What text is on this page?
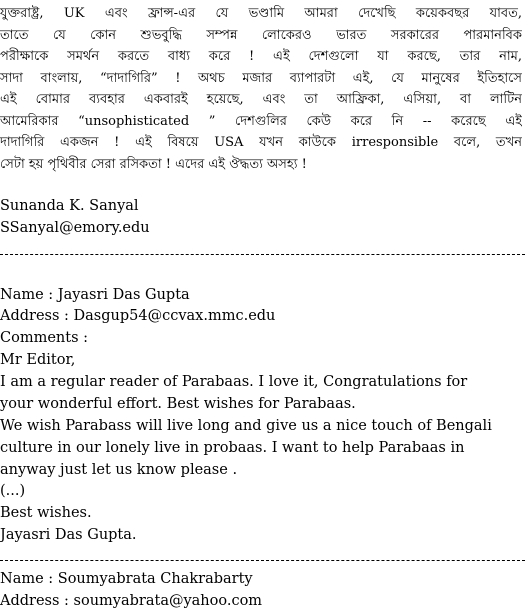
যুক্তরাষ্ট্র, UK এবং ফ্রান্স-এর যে ভণ্ডামি আমরা দেখেছি কয়েকবছর যাবত,
তাতে যে কোন শুভবুদ্ধি সম্পন্ন লোকেরও ভারত সরকারের পারমানবিক
পরীক্ষাকে সমর্থন করতে বাধ্য করে ! এই দেশগুলো যা করছে, তার নাম,
সাদা বাংলায়, “দাদাগিরি” ! অথচ মজার ব্যাপারটা এই, যে মানুষের ইতিহাসে
এই বোমার ব্যবহার একবারই হয়েছে, এবং তা আফ্রিকা, এসিয়া, বা লাটিন
আমেরিকার “unsophisticated ” দেশগুলির কেউ করে নি -- করেছে এই
দাদাগিরি একজন ! এই বিষয়ে USA যখন কাউকে irresponsible বলে, তখন
সেটা হয় পৃথিবীর সেরা রসিকতা ! এদের এই ঔদ্ধত্য অসহ্য !
Sunanda K. Sanyal
SSanyal@emory.edu
Name : Jayasri Das Gupta
Address : Dasgup54@ccvax.mmc.edu
Comments :
Mr Editor,
I am a regular reader of Parabaas. I love it, Congratulations for
your wonderful effort. Best wishes for Parabaas.
We wish Parabass will live long and give us a nice touch of Bengali
culture in our lonely live in probaas. I want to help Parabaas in
anyway just let us know please .
(...)
Best wishes.
Jayasri Das Gupta.
Name : Soumyabrata Chakrabarty
Address : soumyabrata@yahoo.com
